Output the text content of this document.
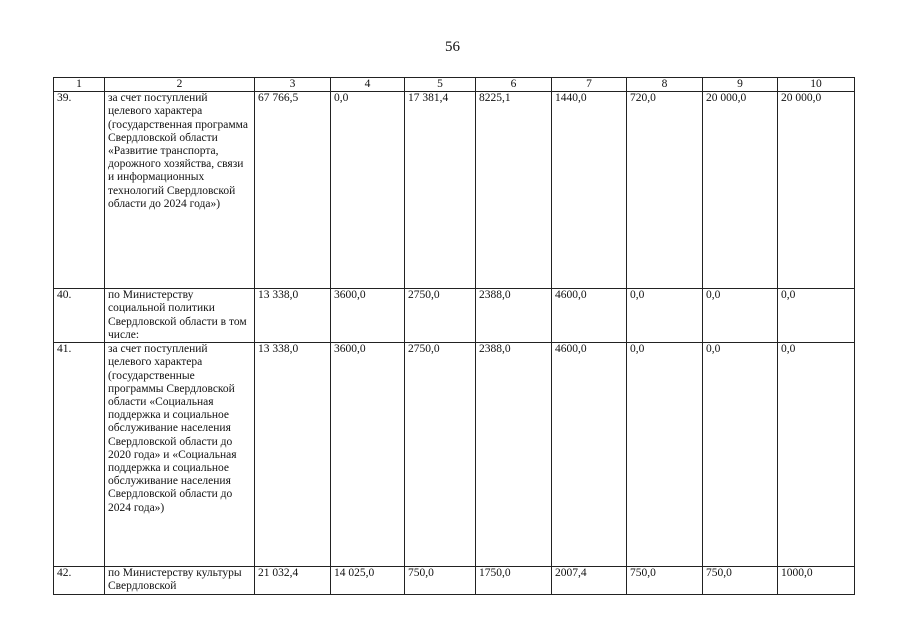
56
1	2	3	4	5	6	7	8	9	10
39.	за счет поступлений целевого характера (государственная программа Свердловской области «Развитие транспорта, дорожного хозяйства, связи и информационных технологий Свердловской области до 2024 года»)	67 766,5	0,0	17 381,4	8225,1	1440,0	720,0	20 000,0	20 000,0
40.	по Министерству социальной политики Свердловской области в том числе:	13 338,0	3600,0	2750,0	2388,0	4600,0	0,0	0,0	0,0
41.	за счет поступлений целевого характера (государственные программы Свердловской области «Социальная поддержка и социальное обслуживание населения Свердловской области до 2020 года» и «Социальная поддержка и социальное обслуживание населения Свердловской области до 2024 года»)	13 338,0	3600,0	2750,0	2388,0	4600,0	0,0	0,0	0,0
42.	по Министерству культуры Свердловской	21 032,4	14 025,0	750,0	1750,0	2007,4	750,0	750,0	1000,0
